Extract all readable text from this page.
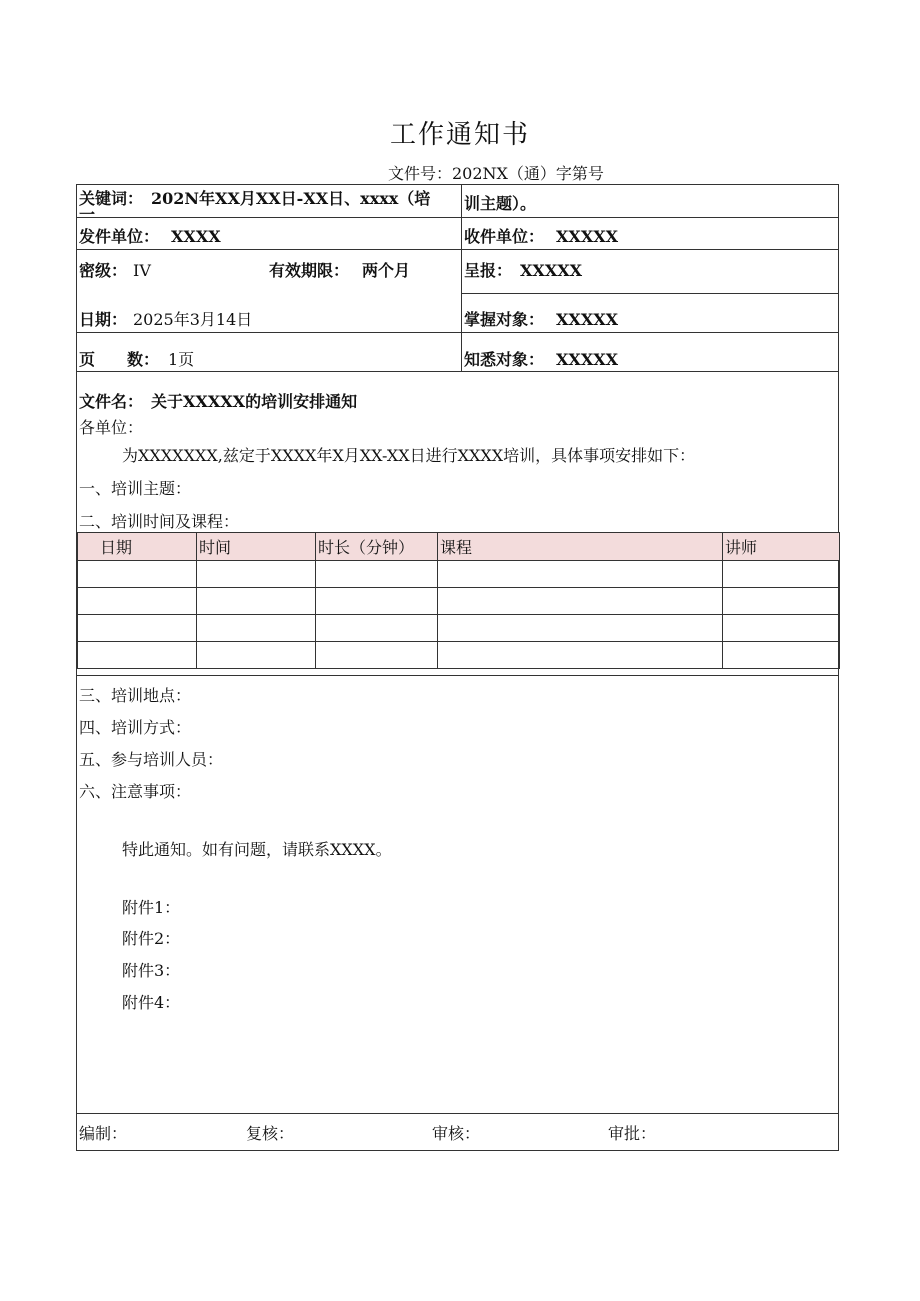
工作通知书
文件号：202NX（通）字第号
关键词： 202N年XX月XX日-XX日、xxxx（培
一
训主题）。
发件单位： XXXX	收件单位： XXXXX
密级： IV	有效期限： 两个月	呈报： XXXXX
日期： 2025年3月14日	掌握对象： XXXXX
页　　数： 1页	知悉对象： XXXXX
文件名： 关于XXXXX的培训安排通知
各单位：
为XXXXXXX,兹定于XXXX年X月XX-XX日进行XXXX培训，具体事项安排如下：
一、培训主题：
二、培训时间及课程：
日期	时间	时长（分钟）	课程	讲师

三、培训地点：
四、培训方式：
五、参与培训人员：
六、注意事项：
特此通知。如有问题，请联系XXXX。
附件1：
附件2：
附件3：
附件4：
编制：	复核：	审核：	审批：
